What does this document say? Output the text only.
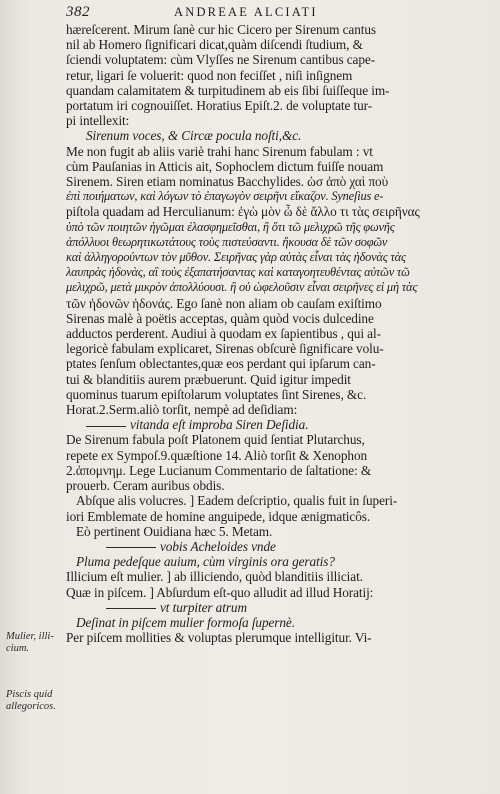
382	ANDREAE ALCIATI
Mulier, illi-cium.
Piscis quid allegoricos.
hæreſcerent. Mirum ſanè cur hic Cicero per Sirenum cantus
nil ab Homero ſignificari dicat,quàm diſcendi ſtudium, &
ſciendi voluptatem: cùm Vlyſſes ne Sirenum cantibus cape-
retur, ligari ſe voluerit: quod non feciſſet , niſi inſignem
quandam calamitatem & turpitudinem ab eis ſibi ſuiſſeque im-
portatum iri cognouiſſet. Horatius Epiſt.2. de voluptate tur-
pi intellexit:
Sirenum voces, & Circæ pocula noſti,&c.
Me non fugit ab aliis variè trahi hanc Sirenum fabulam : vt
cùm Pauſanias in Atticis ait, Sophoclem dictum fuiſſe nouam
Sirenem. Siren etiam nominatus Bacchylides. ὡσ ἀπὸ χαὶ ποὺ
ἐπὶ ποιήματων, καὶ λόγων τὸ ἐπαγωγὸν σειρῆνι εἴκαζον. Syneſius e-
piſtola quadam ad Herculianum: ἐγὼ μὸν ὦ δὲ ἄλλο τι τὰς σειρῆνας
ὑπὸ τῶν ποιητῶν ἡγῶμαι ἐλασφημεῖσθαι, ἢ ὅτι τῶ μελιχρῶ τῆς φωνῆς
ἀπόλλυοι θεωρητικωτάτους τοὺς πιστεύσαντι. ἤκουσα δὲ τῶν σοφῶν
καὶ ἀλληγορούντων τὸν μῦθον. Σειρῆνας γὰρ αὐτὰς εἶναι τὰς ἡδονὰς τὰς
λαυπρὰς ἡδονὰς, αἳ τοὺς ἐξαπατήσαντας καὶ καταγοητευθέντας αὐτῶν τῶ
μελιχρῶ, μετὰ μικρὸν ἀπολλύουσι. ἢ οὐ ὠφελοῦσιν εἶναι σειρῆνες εἰ μὴ τὰς
τῶν ἡδονῶν ἡδονάς. Ego ſanè non aliam ob cauſam exiſtimo
Sirenas malè à poëtis acceptas, quàm quòd vocis dulcedine
adductos perderent. Audiui à quodam ex ſapientibus , qui al-
legoricè fabulam explicaret, Sirenas obſcurè ſignificare volu-
ptates ſenſum oblectantes,quæ eos perdant qui ipſarum can-
tui & blanditiis aurem præbuerunt. Quid igitur impedit
quominus tuarum epiſtolarum voluptates ſint Sirenes, &c.
Horat.2.Serm.aliò torſit, nempè ad deſidiam:
vitanda eſt improba Siren Deſidia.
De Sirenum fabula poſt Platonem quid ſentiat Plutarchus,
repete ex Sympoſ.9.quæſtione 14. Aliò torſit & Xenophon
2.ἀπομνημ. Lege Lucianum Commentario de ſaltatione: &
prouerb. Ceram auribus obdis.
Abſque alis volucres. ] Eadem deſcriptio, qualis fuit in ſuperi-
iori Emblemate de homine anguipede, idque ænigmaticôs.
Eò pertinent Ouidiana hæc 5. Metam.
vobis Acheloides vnde
Pluma pedeſque auium, cùm virginis ora geratis?
Illicium eſt mulier. ] ab illiciendo, quòd blanditiis illiciat.
Quæ in piſcem. ] Abſurdum eſt-quo alludit ad illud Horatij:
vt turpiter atrum
Deſinat in piſcem mulier formoſa ſupernè.
Per piſcem mollities & voluptas plerumque intelligitur. Vi-
